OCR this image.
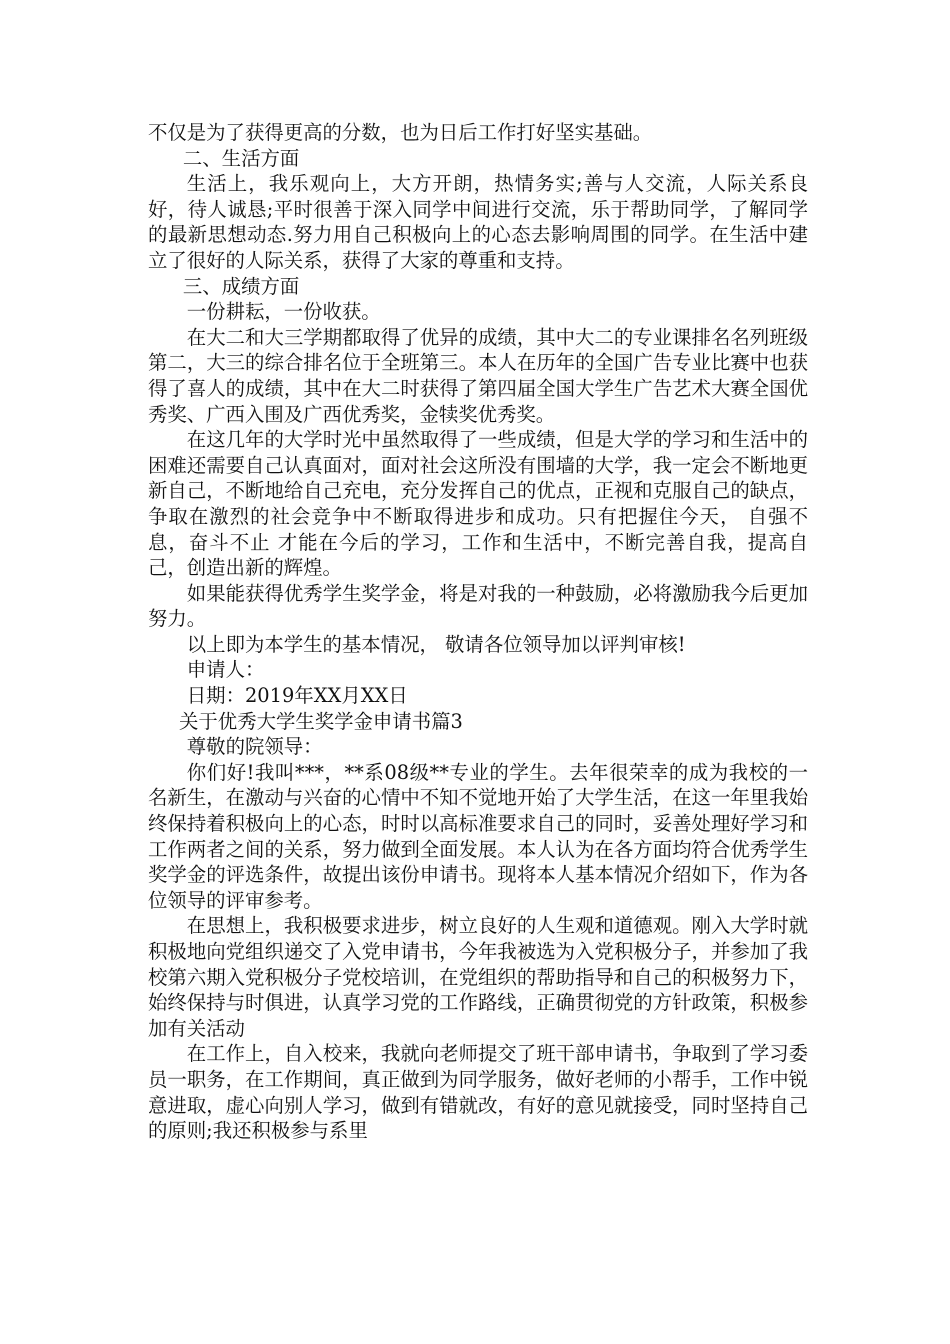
不仅是为了获得更高的分数，也为日后工作打好坚实基础。

二、生活方面

生活上，我乐观向上，大方开朗，热情务实;善与人交流，人际关系良好，待人诚恳;平时很善于深入同学中间进行交流，乐于帮助同学，了解同学的最新思想动态.努力用自己积极向上的心态去影响周围的同学。在生活中建立了很好的人际关系，获得了大家的尊重和支持。

三、成绩方面

一份耕耘，一份收获。

在大二和大三学期都取得了优异的成绩，其中大二的专业课排名名列班级第二，大三的综合排名位于全班第三。本人在历年的全国广告专业比赛中也获得了喜人的成绩，其中在大二时获得了第四届全国大学生广告艺术大赛全国优秀奖、广西入围及广西优秀奖，金犊奖优秀奖。

在这几年的大学时光中虽然取得了一些成绩，但是大学的学习和生活中的困难还需要自己认真面对，面对社会这所没有围墙的大学，我一定会不断地更新自己，不断地给自己充电，充分发挥自己的优点，正视和克服自己的缺点，争取在激烈的社会竞争中不断取得进步和成功。只有把握住今天， 自强不息，奋斗不止 才能在今后的学习，工作和生活中，不断完善自我，提高自己，创造出新的辉煌。

如果能获得优秀学生奖学金，将是对我的一种鼓励，必将激励我今后更加努力。

以上即为本学生的基本情况， 敬请各位领导加以评判审核!

申请人：

日期：2019年XX月XX日

关于优秀大学生奖学金申请书篇3

尊敬的院领导：

你们好!我叫***，**系08级**专业的学生。去年很荣幸的成为我校的一名新生，在激动与兴奋的心情中不知不觉地开始了大学生活，在这一年里我始终保持着积极向上的心态，时时以高标准要求自己的同时，妥善处理好学习和工作两者之间的关系，努力做到全面发展。本人认为在各方面均符合优秀学生奖学金的评选条件，故提出该份申请书。现将本人基本情况介绍如下，作为各位领导的评审参考。

在思想上，我积极要求进步，树立良好的人生观和道德观。刚入大学时就积极地向党组织递交了入党申请书，今年我被选为入党积极分子，并参加了我校第六期入党积极分子党校培训，在党组织的帮助指导和自己的积极努力下，始终保持与时俱进，认真学习党的工作路线，正确贯彻党的方针政策，积极参加有关活动

在工作上，自入校来，我就向老师提交了班干部申请书，争取到了学习委员一职务，在工作期间，真正做到为同学服务，做好老师的小帮手，工作中锐意进取，虚心向别人学习，做到有错就改，有好的意见就接受，同时坚持自己的原则;我还积极参与系里
